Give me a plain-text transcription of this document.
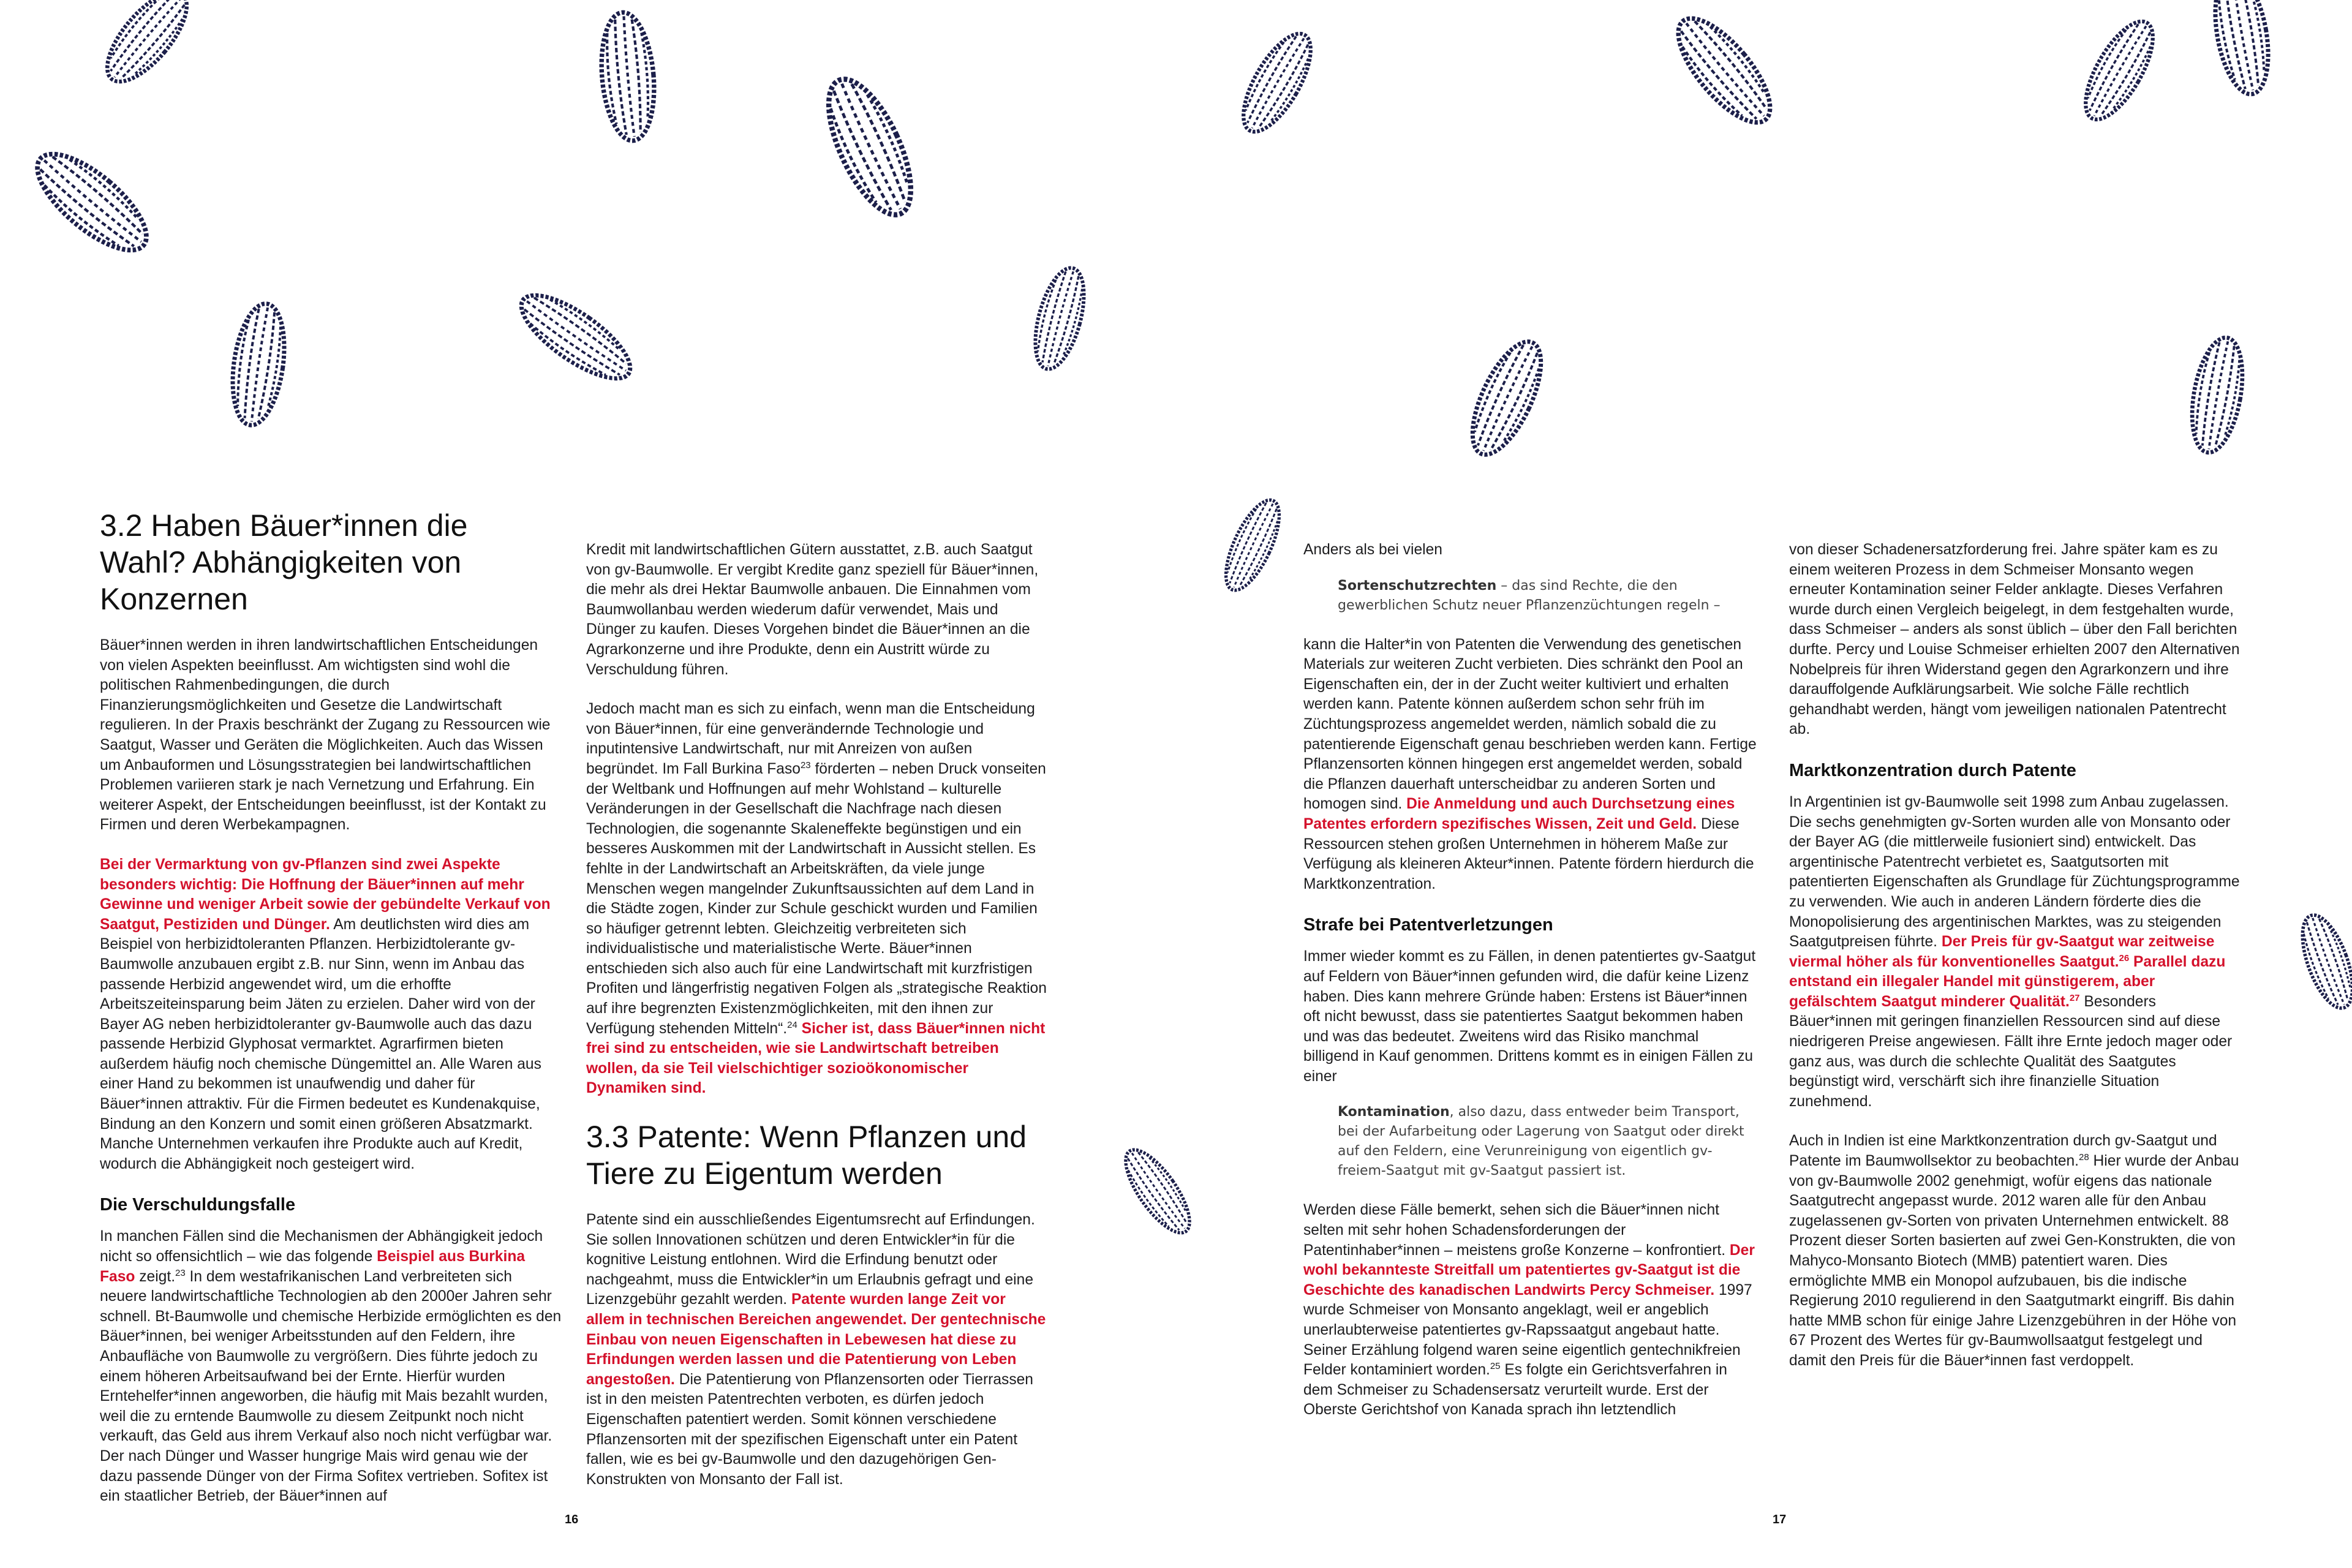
3.2 Haben Bäuer*innen die Wahl? Abhängigkeiten von Konzernen

Bäuer*innen werden in ihren landwirtschaftlichen Entscheidungen von vielen Aspekten beeinflusst. Am wichtigsten sind wohl die politischen Rahmenbedingungen, die durch Finanzierungsmöglichkeiten und Gesetze die Landwirtschaft regulieren. In der Praxis beschränkt der Zugang zu Ressourcen wie Saatgut, Wasser und Geräten die Möglichkeiten. Auch das Wissen um Anbauformen und Lösungsstrategien bei landwirtschaftlichen Problemen variieren stark je nach Vernetzung und Erfahrung. Ein weiterer Aspekt, der Entscheidungen beeinflusst, ist der Kontakt zu Firmen und deren Werbekampagnen.

Bei der Vermarktung von gv-Pflanzen sind zwei Aspekte besonders wichtig: Die Hoffnung der Bäuer*innen auf mehr Gewinne und weniger Arbeit sowie der gebündelte Verkauf von Saatgut, Pestiziden und Dünger. Am deutlichsten wird dies am Beispiel von herbizidtoleranten Pflanzen. Herbizidtolerante gv-Baumwolle anzubauen ergibt z.B. nur Sinn, wenn im Anbau das passende Herbizid angewendet wird, um die erhoffte Arbeitszeiteinsparung beim Jäten zu erzielen. Daher wird von der Bayer AG neben herbizidtoleranter gv-Baumwolle auch das dazu passende Herbizid Glyphosat vermarktet. Agrarfirmen bieten außerdem häufig noch chemische Düngemittel an. Alle Waren aus einer Hand zu bekommen ist unaufwendig und daher für Bäuer*innen attraktiv. Für die Firmen bedeutet es Kundenakquise, Bindung an den Konzern und somit einen größeren Absatzmarkt. Manche Unternehmen verkaufen ihre Produkte auch auf Kredit, wodurch die Abhängigkeit noch gesteigert wird.

Die Verschuldungsfalle

In manchen Fällen sind die Mechanismen der Abhängigkeit jedoch nicht so offensichtlich – wie das folgende Beispiel aus Burkina Faso zeigt.$^{23}$ In dem westafrikanischen Land verbreiteten sich neuere landwirtschaftliche Technologien ab den 2000er Jahren sehr schnell. Bt-Baumwolle und chemische Herbizide ermöglichten es den Bäuer*innen, bei weniger Arbeitsstunden auf den Feldern, ihre Anbaufläche von Baumwolle zu vergrößern. Dies führte jedoch zu einem höheren Arbeitsaufwand bei der Ernte. Hierfür wurden Erntehelfer*innen angeworben, die häufig mit Mais bezahlt wurden, weil die zu erntende Baumwolle zu diesem Zeitpunkt noch nicht verkauft, das Geld aus ihrem Verkauf also noch nicht verfügbar war. Der nach Dünger und Wasser hungrige Mais wird genau wie der dazu passende Dünger von der Firma Sofitex vertrieben. Sofitex ist ein staatlicher Betrieb, der Bäuer*innen auf

Kredit mit landwirtschaftlichen Gütern ausstattet, z.B. auch Saatgut von gv-Baumwolle. Er vergibt Kredite ganz speziell für Bäuer*innen, die mehr als drei Hektar Baumwolle anbauen. Die Einnahmen vom Baumwollanbau werden wiederum dafür verwendet, Mais und Dünger zu kaufen. Dieses Vorgehen bindet die Bäuer*innen an die Agrarkonzerne und ihre Produkte, denn ein Austritt würde zu Verschuldung führen.

Jedoch macht man es sich zu einfach, wenn man die Entscheidung von Bäuer*innen, für eine genverändernde Technologie und inputintensive Landwirtschaft, nur mit Anreizen von außen begründet. Im Fall Burkina Faso$^{23}$ förderten – neben Druck vonseiten der Weltbank und Hoffnungen auf mehr Wohlstand – kulturelle Veränderungen in der Gesellschaft die Nachfrage nach diesen Technologien, die sogenannte Skaleneffekte begünstigen und ein besseres Auskommen mit der Landwirtschaft in Aussicht stellen. Es fehlte in der Landwirtschaft an Arbeitskräften, da viele junge Menschen wegen mangelnder Zukunftsaussichten auf dem Land in die Städte zogen, Kinder zur Schule geschickt wurden und Familien so häufiger getrennt lebten. Gleichzeitig verbreiteten sich individualistische und materialistische Werte. Bäuer*innen entschieden sich also auch für eine Landwirtschaft mit kurzfristigen Profiten und längerfristig negativen Folgen als „strategische Reaktion auf ihre begrenzten Existenzmöglichkeiten, mit den ihnen zur Verfügung stehenden Mitteln“.$^{24}$ Sicher ist, dass Bäuer*innen nicht frei sind zu entscheiden, wie sie Landwirtschaft betreiben wollen, da sie Teil vielschichtiger sozioökonomischer Dynamiken sind.

3.3 Patente: Wenn Pflanzen und Tiere zu Eigentum werden

Patente sind ein ausschließendes Eigentumsrecht auf Erfindungen. Sie sollen Innovationen schützen und deren Entwickler*in für die kognitive Leistung entlohnen. Wird die Erfindung benutzt oder nachgeahmt, muss die Entwickler*in um Erlaubnis gefragt und eine Lizenzgebühr gezahlt werden. Patente wurden lange Zeit vor allem in technischen Bereichen angewendet. Der gentechnische Einbau von neuen Eigenschaften in Lebewesen hat diese zu Erfindungen werden lassen und die Patentierung von Leben angestoßen. Die Patentierung von Pflanzensorten oder Tierrassen ist in den meisten Patentrechten verboten, es dürfen jedoch Eigenschaften patentiert werden. Somit können verschiedene Pflanzensorten mit der spezifischen Eigenschaft unter ein Patent fallen, wie es bei gv-Baumwolle und den dazugehörigen Gen-Konstrukten von Monsanto der Fall ist.

16

Anders als bei vielen

Sortenschutzrechten – das sind Rechte, die den gewerblichen Schutz neuer Pflanzenzüchtungen regeln –

kann die Halter*in von Patenten die Verwendung des genetischen Materials zur weiteren Zucht verbieten. Dies schränkt den Pool an Eigenschaften ein, der in der Zucht weiter kultiviert und erhalten werden kann. Patente können außerdem schon sehr früh im Züchtungsprozess angemeldet werden, nämlich sobald die zu patentierende Eigenschaft genau beschrieben werden kann. Fertige Pflanzensorten können hingegen erst angemeldet werden, sobald die Pflanzen dauerhaft unterscheidbar zu anderen Sorten und homogen sind. Die Anmeldung und auch Durchsetzung eines Patentes erfordern spezifisches Wissen, Zeit und Geld. Diese Ressourcen stehen großen Unternehmen in höherem Maße zur Verfügung als kleineren Akteur*innen. Patente fördern hierdurch die Marktkonzentration.

Strafe bei Patentverletzungen

Immer wieder kommt es zu Fällen, in denen patentiertes gv-Saatgut auf Feldern von Bäuer*innen gefunden wird, die dafür keine Lizenz haben. Dies kann mehrere Gründe haben: Erstens ist Bäuer*innen oft nicht bewusst, dass sie patentiertes Saatgut bekommen haben und was das bedeutet. Zweitens wird das Risiko manchmal billigend in Kauf genommen. Drittens kommt es in einigen Fällen zu einer

Kontamination, also dazu, dass entweder beim Transport, bei der Aufarbeitung oder Lagerung von Saatgut oder direkt auf den Feldern, eine Verunreinigung von eigentlich gv-freiem-Saatgut mit gv-Saatgut passiert ist.

Werden diese Fälle bemerkt, sehen sich die Bäuer*innen nicht selten mit sehr hohen Schadensforderungen der Patentinhaber*innen – meistens große Konzerne – konfrontiert. Der wohl bekannteste Streitfall um patentiertes gv-Saatgut ist die Geschichte des kanadischen Landwirts Percy Schmeiser. 1997 wurde Schmeiser von Monsanto angeklagt, weil er angeblich unerlaubterweise patentiertes gv-Rapssaatgut angebaut hatte. Seiner Erzählung folgend waren seine eigentlich gentechnikfreien Felder kontaminiert worden.$^{25}$ Es folgte ein Gerichtsverfahren in dem Schmeiser zu Schadensersatz verurteilt wurde. Erst der Oberste Gerichtshof von Kanada sprach ihn letztendlich

von dieser Schadenersatzforderung frei. Jahre später kam es zu einem weiteren Prozess in dem Schmeiser Monsanto wegen erneuter Kontamination seiner Felder anklagte. Dieses Verfahren wurde durch einen Vergleich beigelegt, in dem festgehalten wurde, dass Schmeiser – anders als sonst üblich – über den Fall berichten durfte. Percy und Louise Schmeiser erhielten 2007 den Alternativen Nobelpreis für ihren Widerstand gegen den Agrarkonzern und ihre darauffolgende Aufklärungsarbeit. Wie solche Fälle rechtlich gehandhabt werden, hängt vom jeweiligen nationalen Patentrecht ab.

Marktkonzentration durch Patente

In Argentinien ist gv-Baumwolle seit 1998 zum Anbau zugelassen. Die sechs genehmigten gv-Sorten wurden alle von Monsanto oder der Bayer AG (die mittlerweile fusioniert sind) entwickelt. Das argentinische Patentrecht verbietet es, Saatgutsorten mit patentierten Eigenschaften als Grundlage für Züchtungsprogramme zu verwenden. Wie auch in anderen Ländern förderte dies die Monopolisierung des argentinischen Marktes, was zu steigenden Saatgutpreisen führte. Der Preis für gv-Saatgut war zeitweise viermal höher als für konventionelles Saatgut.$^{26}$ Parallel dazu entstand ein illegaler Handel mit günstigerem, aber gefälschtem Saatgut minderer Qualität.$^{27}$ Besonders Bäuer*innen mit geringen finanziellen Ressourcen sind auf diese niedrigeren Preise angewiesen. Fällt ihre Ernte jedoch mager oder ganz aus, was durch die schlechte Qualität des Saatgutes begünstigt wird, verschärft sich ihre finanzielle Situation zunehmend.

Auch in Indien ist eine Marktkonzentration durch gv-Saatgut und Patente im Baumwollsektor zu beobachten.$^{28}$ Hier wurde der Anbau von gv-Baumwolle 2002 genehmigt, wofür eigens das nationale Saatgutrecht angepasst wurde. 2012 waren alle für den Anbau zugelassenen gv-Sorten von privaten Unternehmen entwickelt. 88 Prozent dieser Sorten basierten auf zwei Gen-Konstrukten, die von Mahyco-Monsanto Biotech (MMB) patentiert waren. Dies ermöglichte MMB ein Monopol aufzubauen, bis die indische Regierung 2010 regulierend in den Saatgutmarkt eingriff. Bis dahin hatte MMB schon für einige Jahre Lizenzgebühren in der Höhe von 67 Prozent des Wertes für gv-Baumwollsaatgut festgelegt und damit den Preis für die Bäuer*innen fast verdoppelt.

17
